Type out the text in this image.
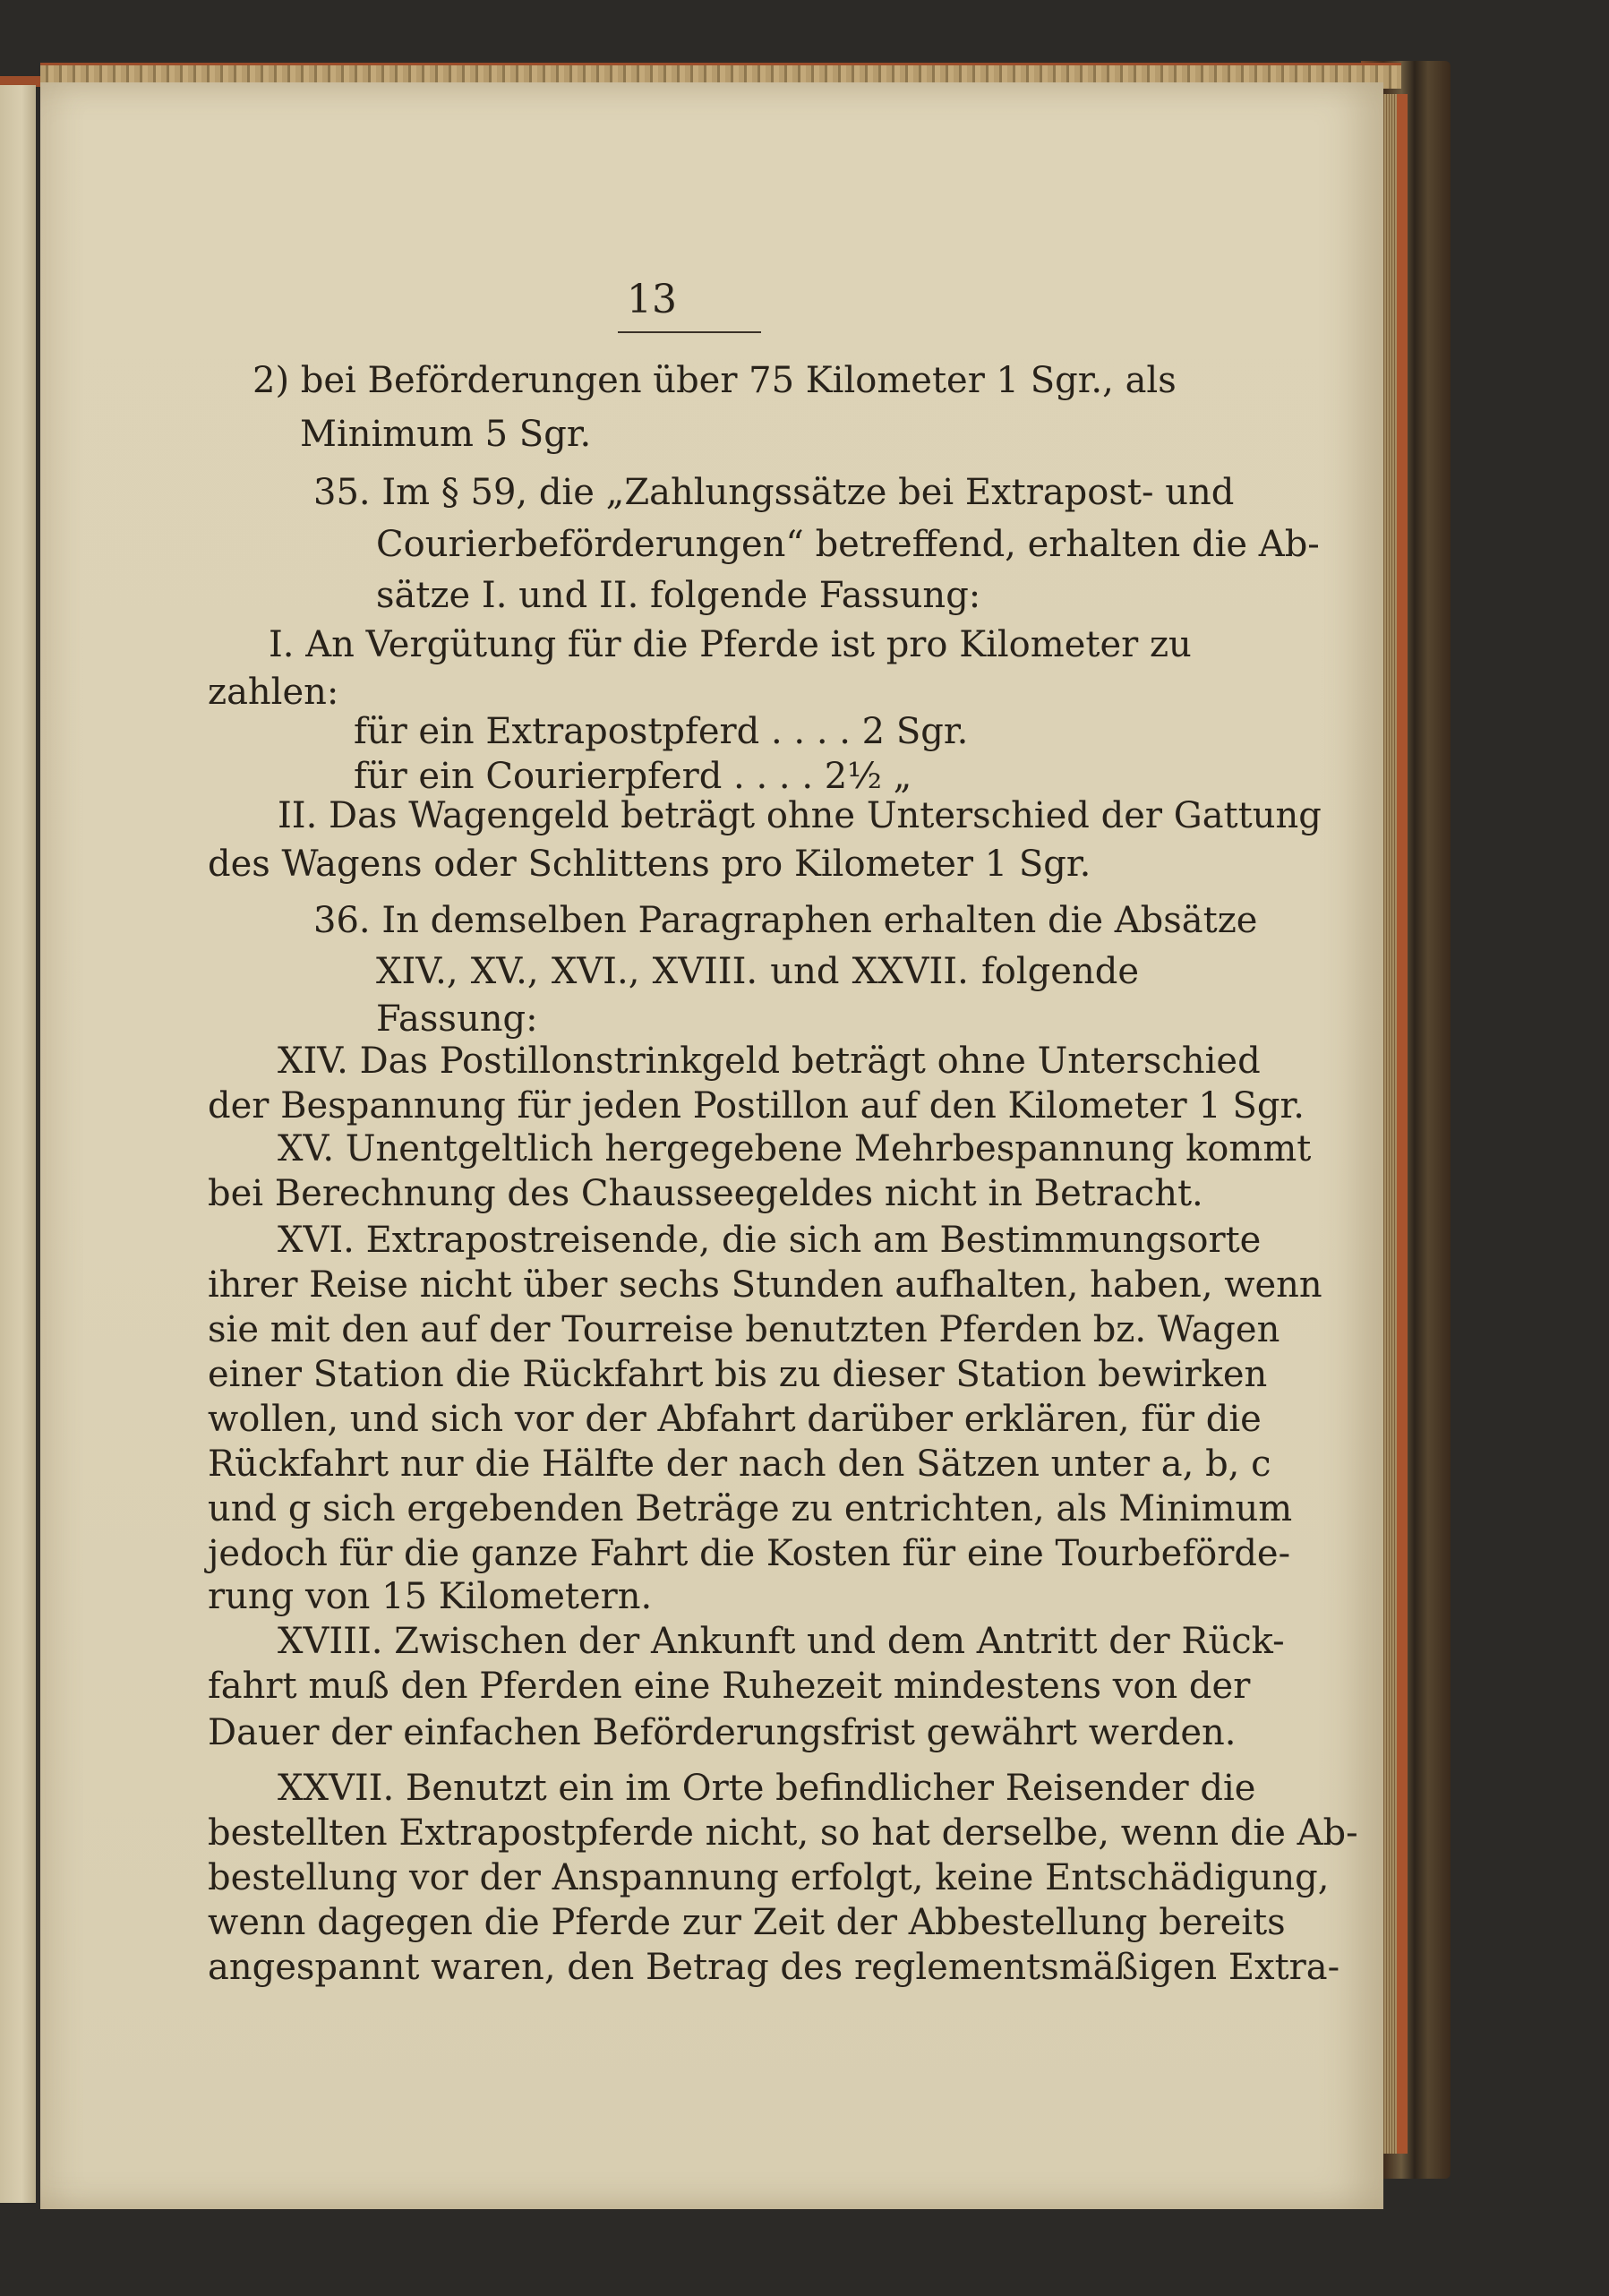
13
2) bei Beförderungen über 75 Kilometer 1 Sgr., als
Minimum 5 Sgr.
35. Im § 59, die „Zahlungssätze bei Extrapost- und
Courierbeförderungen“ betreffend, erhalten die Ab-
sätze I. und II. folgende Fassung:
I. An Vergütung für die Pferde ist pro Kilometer zu
zahlen:
für ein Extrapostpferd . . . . 2 Sgr.
für ein Courierpferd . . . . 2½ „
II. Das Wagengeld beträgt ohne Unterschied der Gattung
des Wagens oder Schlittens pro Kilometer 1 Sgr.
36. In demselben Paragraphen erhalten die Absätze
XIV., XV., XVI., XVIII. und XXVII. folgende
Fassung:
XIV. Das Postillonstrinkgeld beträgt ohne Unterschied
der Bespannung für jeden Postillon auf den Kilometer 1 Sgr.
XV. Unentgeltlich hergegebene Mehrbespannung kommt
bei Berechnung des Chausseegeldes nicht in Betracht.
XVI. Extrapostreisende, die sich am Bestimmungsorte
ihrer Reise nicht über sechs Stunden aufhalten, haben, wenn
sie mit den auf der Tourreise benutzten Pferden bz. Wagen
einer Station die Rückfahrt bis zu dieser Station bewirken
wollen, und sich vor der Abfahrt darüber erklären, für die
Rückfahrt nur die Hälfte der nach den Sätzen unter a, b, c
und g sich ergebenden Beträge zu entrichten, als Minimum
jedoch für die ganze Fahrt die Kosten für eine Tourbeförde-
rung von 15 Kilometern.
XVIII. Zwischen der Ankunft und dem Antritt der Rück-
fahrt muß den Pferden eine Ruhezeit mindestens von der
Dauer der einfachen Beförderungsfrist gewährt werden.
XXVII. Benutzt ein im Orte befindlicher Reisender die
bestellten Extrapostpferde nicht, so hat derselbe, wenn die Ab-
bestellung vor der Anspannung erfolgt, keine Entschädigung,
wenn dagegen die Pferde zur Zeit der Abbestellung bereits
angespannt waren, den Betrag des reglementsmäßigen Extra-
